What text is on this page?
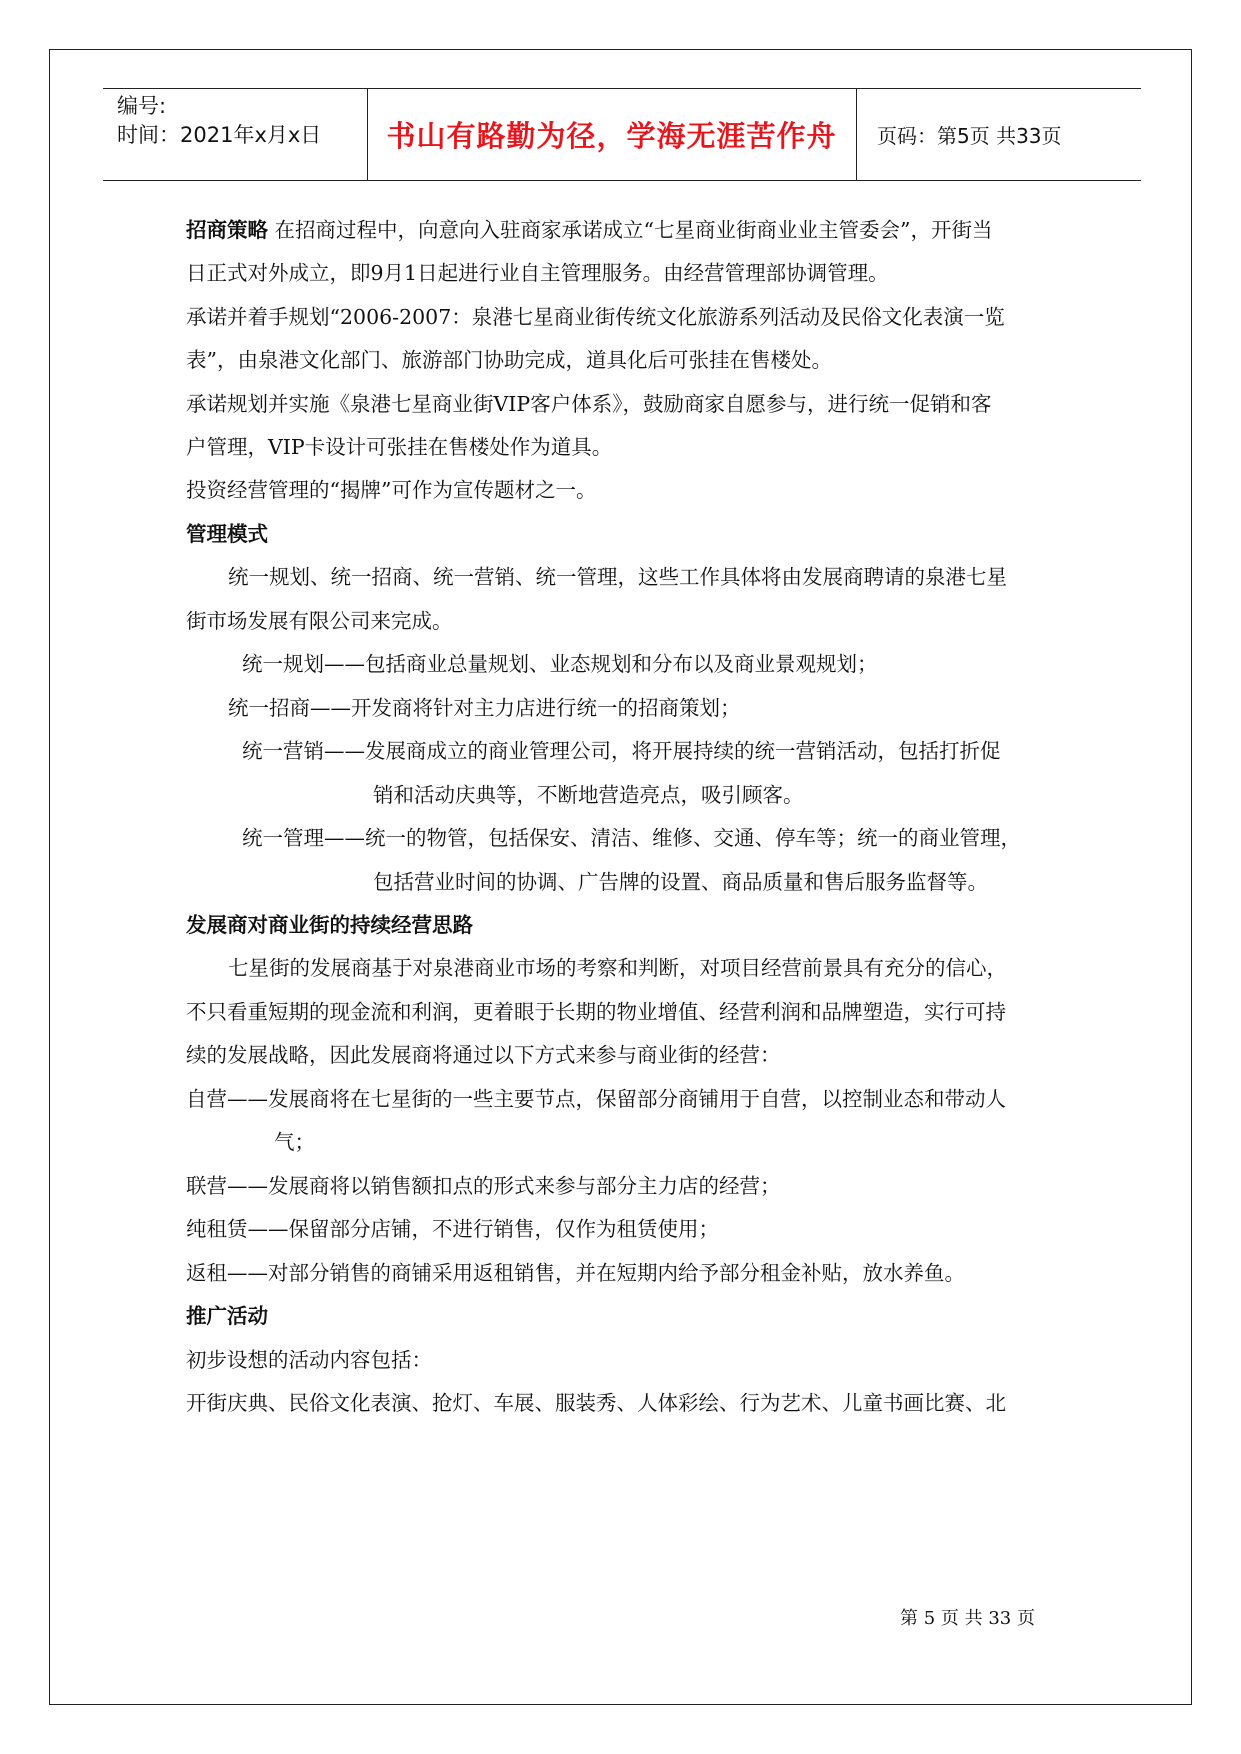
编号:
时间：2021年x月x日	书山有路勤为径，学海无涯苦作舟	页码：第5页 共33页
招商策略 在招商过程中，向意向入驻商家承诺成立“七星商业街商业业主管委会”，开街当
日正式对外成立，即9月1日起进行业自主管理服务。由经营管理部协调管理。
承诺并着手规划“2006-2007：泉港七星商业街传统文化旅游系列活动及民俗文化表演一览
表”，由泉港文化部门、旅游部门协助完成，道具化后可张挂在售楼处。
承诺规划并实施《泉港七星商业街VIP客户体系》，鼓励商家自愿参与，进行统一促销和客
户管理，VIP卡设计可张挂在售楼处作为道具。
投资经营管理的“揭牌”可作为宣传题材之一。
管理模式
统一规划、统一招商、统一营销、统一管理，这些工作具体将由发展商聘请的泉港七星
街市场发展有限公司来完成。
统一规划——包括商业总量规划、业态规划和分布以及商业景观规划；
统一招商——开发商将针对主力店进行统一的招商策划；
统一营销——发展商成立的商业管理公司，将开展持续的统一营销活动，包括打折促
销和活动庆典等，不断地营造亮点，吸引顾客。
统一管理——统一的物管，包括保安、清洁、维修、交通、停车等；统一的商业管理，
包括营业时间的协调、广告牌的设置、商品质量和售后服务监督等。
发展商对商业街的持续经营思路
七星街的发展商基于对泉港商业市场的考察和判断，对项目经营前景具有充分的信心，
不只看重短期的现金流和利润，更着眼于长期的物业增值、经营利润和品牌塑造，实行可持
续的发展战略，因此发展商将通过以下方式来参与商业街的经营：
自营——发展商将在七星街的一些主要节点，保留部分商铺用于自营，以控制业态和带动人
气；
联营——发展商将以销售额扣点的形式来参与部分主力店的经营；
纯租赁——保留部分店铺，不进行销售，仅作为租赁使用；
返租——对部分销售的商铺采用返租销售，并在短期内给予部分租金补贴，放水养鱼。
推广活动
初步设想的活动内容包括：
开街庆典、民俗文化表演、抢灯、车展、服装秀、人体彩绘、行为艺术、儿童书画比赛、北
第 5 页 共 33 页
